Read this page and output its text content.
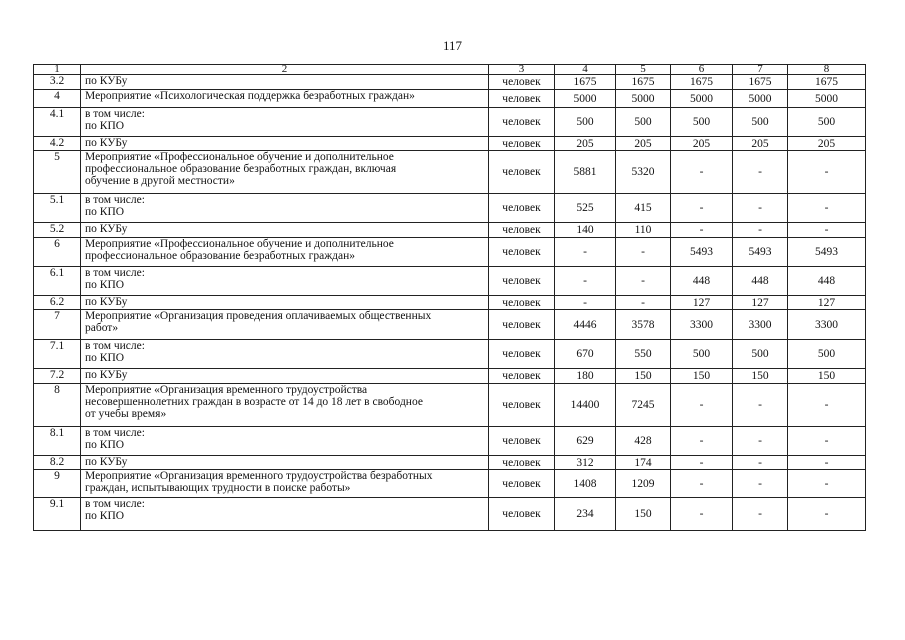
117
1	2	3	4	5	6	7	8
3.2	по КУБу	человек	1675	1675	1675	1675	1675
4	Мероприятие «Психологическая поддержка безработных граждан»	человек	5000	5000	5000	5000	5000
4.1	в том числе:
по КПО	человек	500	500	500	500	500
4.2	по КУБу	человек	205	205	205	205	205
5	Мероприятие «Профессиональное обучение и дополнительное
профессиональное образование безработных граждан, включая
обучение в другой местности»	человек	5881	5320	-	-	-
5.1	в том числе:
по КПО	человек	525	415	-	-	-
5.2	по КУБу	человек	140	110	-	-	-
6	Мероприятие «Профессиональное обучение и дополнительное
профессиональное образование безработных граждан»	человек	-	-	5493	5493	5493
6.1	в том числе:
по КПО	человек	-	-	448	448	448
6.2	по КУБу	человек	-	-	127	127	127
7	Мероприятие «Организация проведения оплачиваемых общественных
работ»	человек	4446	3578	3300	3300	3300
7.1	в том числе:
по КПО	человек	670	550	500	500	500
7.2	по КУБу	человек	180	150	150	150	150
8	Мероприятие «Организация временного трудоустройства
несовершеннолетних граждан в возрасте от 14 до 18 лет в свободное
от учебы время»	человек	14400	7245	-	-	-
8.1	в том числе:
по КПО	человек	629	428	-	-	-
8.2	по КУБу	человек	312	174	-	-	-
9	Мероприятие «Организация временного трудоустройства безработных
граждан, испытывающих трудности в поиске работы»	человек	1408	1209	-	-	-
9.1	в том числе:
по КПО	человек	234	150	-	-	-
